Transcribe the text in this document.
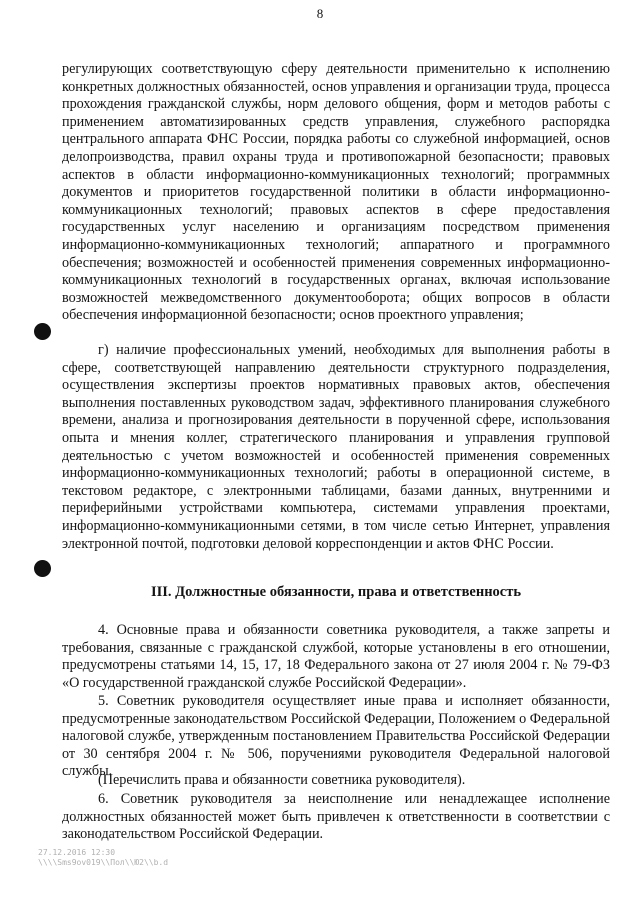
8

регулирующих соответствующую сферу деятельности применительно к исполнению конкретных должностных обязанностей, основ управления и организации труда, процесса прохождения гражданской службы, норм делового общения, форм и методов работы с применением автоматизированных средств управления, служебного распорядка центрального аппарата ФНС России, порядка работы со служебной информацией, основ делопроизводства, правил охраны труда и противопожарной безопасности; правовых аспектов в области информационно-коммуникационных технологий; программных документов и приоритетов государственной политики в области информационно-коммуникационных технологий; правовых аспектов в сфере предоставления государственных услуг населению и организациям посредством применения информационно-коммуникационных технологий; аппаратного и программного обеспечения; возможностей и особенностей применения современных информационно-коммуникационных технологий в государственных органах, включая использование возможностей межведомственного документооборота; общих вопросов в области обеспечения информационной безопасности; основ проектного управления;

г) наличие профессиональных умений, необходимых для выполнения работы в сфере, соответствующей направлению деятельности структурного подразделения, осуществления экспертизы проектов нормативных правовых актов, обеспечения выполнения поставленных руководством задач, эффективного планирования служебного времени, анализа и прогнозирования деятельности в порученной сфере, использования опыта и мнения коллег, стратегического планирования и управления групповой деятельностью с учетом возможностей и особенностей применения современных информационно-коммуникационных технологий; работы в операционной системе, в текстовом редакторе, с электронными таблицами, базами данных, внутренними и периферийными устройствами компьютера, системами управления проектами, информационно-коммуникационными сетями, в том числе сетью Интернет, управления электронной почтой, подготовки деловой корреспонденции и актов ФНС России.

III. Должностные обязанности, права и ответственность

4. Основные права и обязанности советника руководителя, а также запреты и требования, связанные с гражданской службой, которые установлены в его отношении, предусмотрены статьями 14, 15, 17, 18 Федерального закона от 27 июля 2004 г. № 79-ФЗ «О государственной гражданской службе Российской Федерации».

5. Советник руководителя осуществляет иные права и исполняет обязанности, предусмотренные законодательством Российской Федерации, Положением о Федеральной налоговой службе, утвержденным постановлением Правительства Российской Федерации от 30 сентября 2004 г. № 506, поручениями руководителя Федеральной налоговой службы.

(Перечислить права и обязанности советника руководителя).

6. Советник руководителя за неисполнение или ненадлежащее исполнение должностных обязанностей может быть привлечен к ответственности в соответствии с законодательством Российской Федерации.

27.12.2016 12:30
\\\\Sms9ov019\\Пол\\Ю2\\b.d
